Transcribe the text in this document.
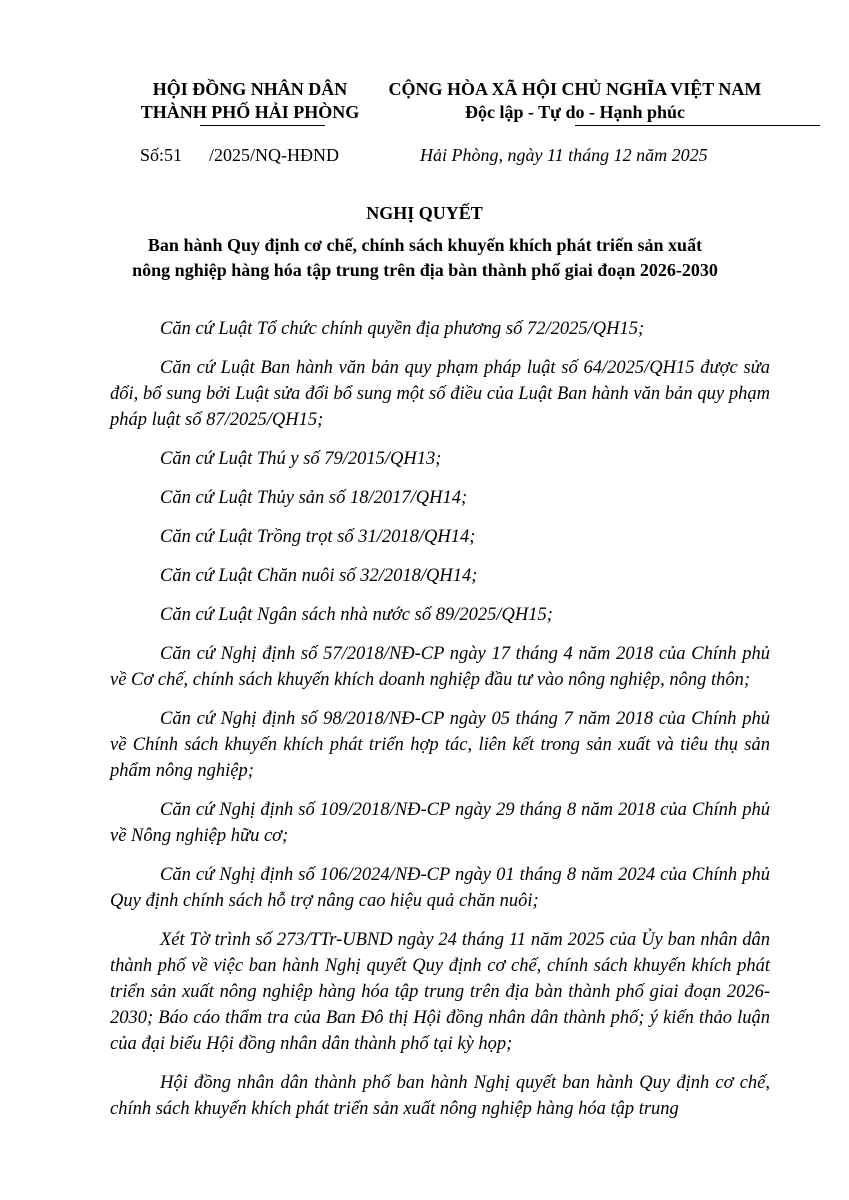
HỘI ĐỒNG NHÂN DÂN
THÀNH PHỐ HẢI PHÒNG
CỘNG HÒA XÃ HỘI CHỦ NGHĨA VIỆT NAM
Độc lập - Tự do - Hạnh phúc
Số:51 /2025/NQ-HĐND	Hải Phòng, ngày 11 tháng 12 năm 2025
NGHỊ QUYẾT
Ban hành Quy định cơ chế, chính sách khuyến khích phát triển sản xuất
nông nghiệp hàng hóa tập trung trên địa bàn thành phố giai đoạn 2026-2030

Căn cứ Luật Tổ chức chính quyền địa phương số 72/2025/QH15;

Căn cứ Luật Ban hành văn bản quy phạm pháp luật số 64/2025/QH15 được sửa đổi, bổ sung bởi Luật sửa đổi bổ sung một số điều của Luật Ban hành văn bản quy phạm pháp luật số 87/2025/QH15;

Căn cứ Luật Thú y số 79/2015/QH13;

Căn cứ Luật Thủy sản số 18/2017/QH14;

Căn cứ Luật Trồng trọt số 31/2018/QH14;

Căn cứ Luật Chăn nuôi số 32/2018/QH14;

Căn cứ Luật Ngân sách nhà nước số 89/2025/QH15;

Căn cứ Nghị định số 57/2018/NĐ-CP ngày 17 tháng 4 năm 2018 của Chính phủ về Cơ chế, chính sách khuyến khích doanh nghiệp đầu tư vào nông nghiệp, nông thôn;

Căn cứ Nghị định số 98/2018/NĐ-CP ngày 05 tháng 7 năm 2018 của Chính phủ về Chính sách khuyến khích phát triển hợp tác, liên kết trong sản xuất và tiêu thụ sản phẩm nông nghiệp;

Căn cứ Nghị định số 109/2018/NĐ-CP ngày 29 tháng 8 năm 2018 của Chính phủ về Nông nghiệp hữu cơ;

Căn cứ Nghị định số 106/2024/NĐ-CP ngày 01 tháng 8 năm 2024 của Chính phủ Quy định chính sách hỗ trợ nâng cao hiệu quả chăn nuôi;

Xét Tờ trình số 273/TTr-UBND ngày 24 tháng 11 năm 2025 của Ủy ban nhân dân thành phố về việc ban hành Nghị quyết Quy định cơ chế, chính sách khuyến khích phát triển sản xuất nông nghiệp hàng hóa tập trung trên địa bàn thành phố giai đoạn 2026-2030; Báo cáo thẩm tra của Ban Đô thị Hội đồng nhân dân thành phố; ý kiến thảo luận của đại biểu Hội đồng nhân dân thành phố tại kỳ họp;

Hội đồng nhân dân thành phố ban hành Nghị quyết ban hành Quy định cơ chế, chính sách khuyến khích phát triển sản xuất nông nghiệp hàng hóa tập trung
